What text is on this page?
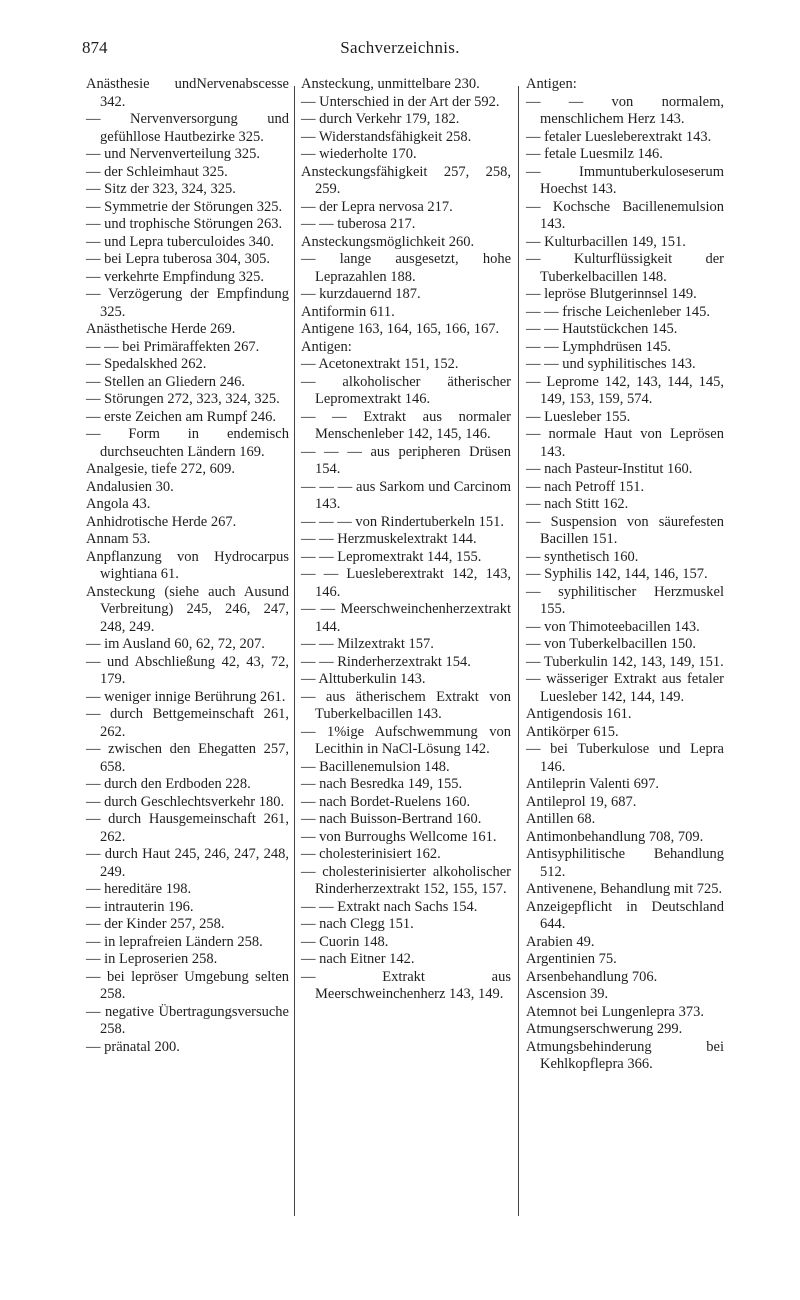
874	Sachverzeichnis.

Anästhesie undNervenabscesse 342.

— Nervenversorgung und gefühllose Hautbezirke 325.

— und Nervenverteilung 325.

— der Schleimhaut 325.

— Sitz der 323, 324, 325.

— Symmetrie der Störungen 325.

— und trophische Störungen 263.

— und Lepra tuberculoides 340.

— bei Lepra tuberosa 304, 305.

— verkehrte Empfindung 325.

— Verzögerung der Empfindung 325.

Anästhetische Herde 269.

— — bei Primäraffekten 267.

— Spedalskhed 262.

— Stellen an Gliedern 246.

— Störungen 272, 323, 324, 325.

— erste Zeichen am Rumpf 246.

— Form in endemisch durchseuchten Ländern 169.

Analgesie, tiefe 272, 609.

Andalusien 30.

Angola 43.

Anhidrotische Herde 267.

Annam 53.

Anpflanzung von Hydrocarpus wightiana 61.

Ansteckung (siehe auch Ausund Verbreitung) 245, 246, 247, 248, 249.

— im Ausland 60, 62, 72, 207.

— und Abschließung 42, 43, 72, 179.

— weniger innige Berührung 261.

— durch Bettgemeinschaft 261, 262.

— zwischen den Ehegatten 257, 658.

— durch den Erdboden 228.

— durch Geschlechtsverkehr 180.

— durch Hausgemeinschaft 261, 262.

— durch Haut 245, 246, 247, 248, 249.

— hereditäre 198.

— intrauterin 196.

— der Kinder 257, 258.

— in leprafreien Ländern 258.

— in Leproserien 258.

— bei lepröser Umgebung selten 258.

— negative Übertragungsversuche 258.

— pränatal 200.

Ansteckung, unmittelbare 230.

— Unterschied in der Art der 592.

— durch Verkehr 179, 182.

— Widerstandsfähigkeit 258.

— wiederholte 170.

Ansteckungsfähigkeit 257, 258, 259.

— der Lepra nervosa 217.

— — tuberosa 217.

Ansteckungsmöglichkeit 260.

— lange ausgesetzt, hohe Leprazahlen 188.

— kurzdauernd 187.

Antiformin 611.

Antigene 163, 164, 165, 166, 167.

Antigen:

— Acetonextrakt 151, 152.

— alkoholischer ätherischer Lepromextrakt 146.

— — Extrakt aus normaler Menschenleber 142, 145, 146.

— — — aus peripheren Drüsen 154.

— — — aus Sarkom und Carcinom 143.

— — — von Rindertuberkeln 151.

— — Herzmuskelextrakt 144.

— — Lepromextrakt 144, 155.

— — Luesleberextrakt 142, 143, 146.

— — Meerschweinchenherzextrakt 144.

— — Milzextrakt 157.

— — Rinderherzextrakt 154.

— Alttuberkulin 143.

— aus ätherischem Extrakt von Tuberkelbacillen 143.

— 1%ige Aufschwemmung von Lecithin in NaCl-Lösung 142.

— Bacillenemulsion 148.

— nach Besredka 149, 155.

— nach Bordet-Ruelens 160.

— nach Buisson-Bertrand 160.

— von Burroughs Wellcome 161.

— cholesterinisiert 162.

— cholesterinisierter alkoholischer Rinderherzextrakt 152, 155, 157.

— — Extrakt nach Sachs 154.

— nach Clegg 151.

— Cuorin 148.

— nach Eitner 142.

— Extrakt aus Meerschweinchenherz 143, 149.

Antigen:

— — von normalem, menschlichem Herz 143.

— fetaler Luesleberextrakt 143.

— fetale Luesmilz 146.

— Immuntuberkuloseserum Hoechst 143.

— Kochsche Bacillenemulsion 143.

— Kulturbacillen 149, 151.

— Kulturflüssigkeit der Tuberkelbacillen 148.

— lepröse Blutgerinnsel 149.

— — frische Leichenleber 145.

— — Hautstückchen 145.

— — Lymphdrüsen 145.

— — und syphilitisches 143.

— Leprome 142, 143, 144, 145, 149, 153, 159, 574.

— Luesleber 155.

— normale Haut von Leprösen 143.

— nach Pasteur-Institut 160.

— nach Petroff 151.

— nach Stitt 162.

— Suspension von säurefesten Bacillen 151.

— synthetisch 160.

— Syphilis 142, 144, 146, 157.

— syphilitischer Herzmuskel 155.

— von Thimoteebacillen 143.

— von Tuberkelbacillen 150.

— Tuberkulin 142, 143, 149, 151.

— wässeriger Extrakt aus fetaler Luesleber 142, 144, 149.

Antigendosis 161.

Antikörper 615.

— bei Tuberkulose und Lepra 146.

Antileprin Valenti 697.

Antileprol 19, 687.

Antillen 68.

Antimonbehandlung 708, 709.

Antisyphilitische Behandlung 512.

Antivenene, Behandlung mit 725.

Anzeigepflicht in Deutschland 644.

Arabien 49.

Argentinien 75.

Arsenbehandlung 706.

Ascension 39.

Atemnot bei Lungenlepra 373.

Atmungserschwerung 299.

Atmungsbehinderung bei Kehlkopflepra 366.
